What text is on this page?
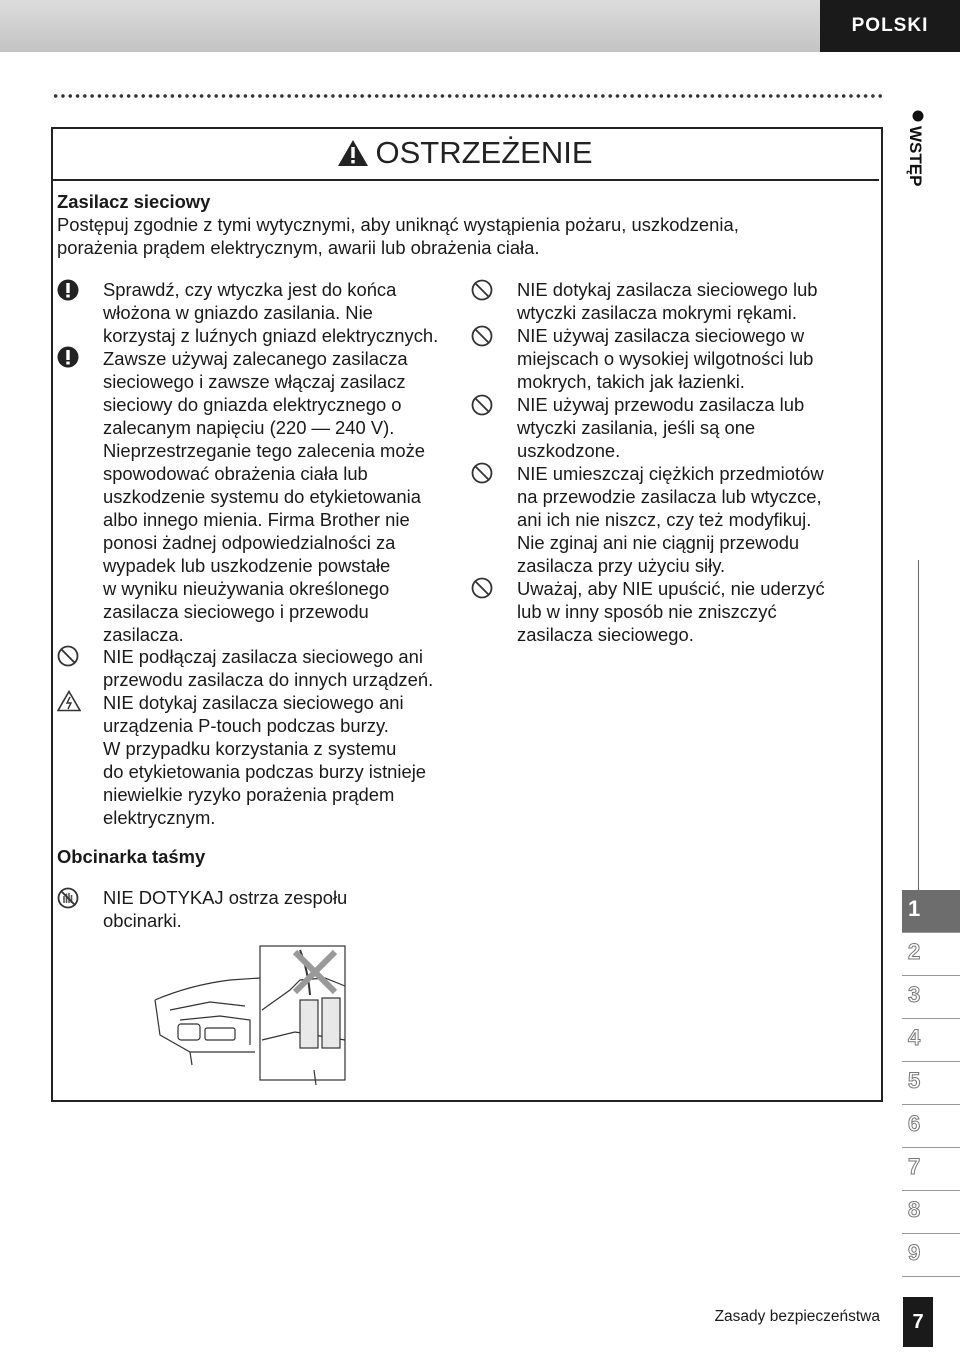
POLSKI
OSTRZEŻENIE
Zasilacz sieciowy
Postępuj zgodnie z tymi wytycznymi, aby uniknąć wystąpienia pożaru, uszkodzenia,
porażenia prądem elektrycznym, awarii lub obrażenia ciała.
Sprawdź, czy wtyczka jest do końca
włożona w gniazdo zasilania. Nie
korzystaj z luźnych gniazd elektrycznych.
Zawsze używaj zalecanego zasilacza
sieciowego i zawsze włączaj zasilacz
sieciowy do gniazda elektrycznego o
zalecanym napięciu (220 — 240 V).
Nieprzestrzeganie tego zalecenia może
spowodować obrażenia ciała lub
uszkodzenie systemu do etykietowania
albo innego mienia. Firma Brother nie
ponosi żadnej odpowiedzialności za
wypadek lub uszkodzenie powstałe
w wyniku nieużywania określonego
zasilacza sieciowego i przewodu
zasilacza.
NIE podłączaj zasilacza sieciowego ani
przewodu zasilacza do innych urządzeń.
NIE dotykaj zasilacza sieciowego ani
urządzenia P-touch podczas burzy.
W przypadku korzystania z systemu
do etykietowania podczas burzy istnieje
niewielkie ryzyko porażenia prądem
elektrycznym.
NIE dotykaj zasilacza sieciowego lub
wtyczki zasilacza mokrymi rękami.
NIE używaj zasilacza sieciowego w
miejscach o wysokiej wilgotności lub
mokrych, takich jak łazienki.
NIE używaj przewodu zasilacza lub
wtyczki zasilania, jeśli są one
uszkodzone.
NIE umieszczaj ciężkich przedmiotów
na przewodzie zasilacza lub wtyczce,
ani ich nie niszcz, czy też modyfikuj.
Nie zginaj ani nie ciągnij przewodu
zasilacza przy użyciu siły.
Uważaj, aby NIE upuścić, nie uderzyć
lub w inny sposób nie zniszczyć
zasilacza sieciowego.
Obcinarka taśmy
NIE DOTYKAJ ostrza zespołu
obcinarki.
WSTĘP
1
2
3
4
5
6
7
8
9
Zasady bezpieczeństwa	7
